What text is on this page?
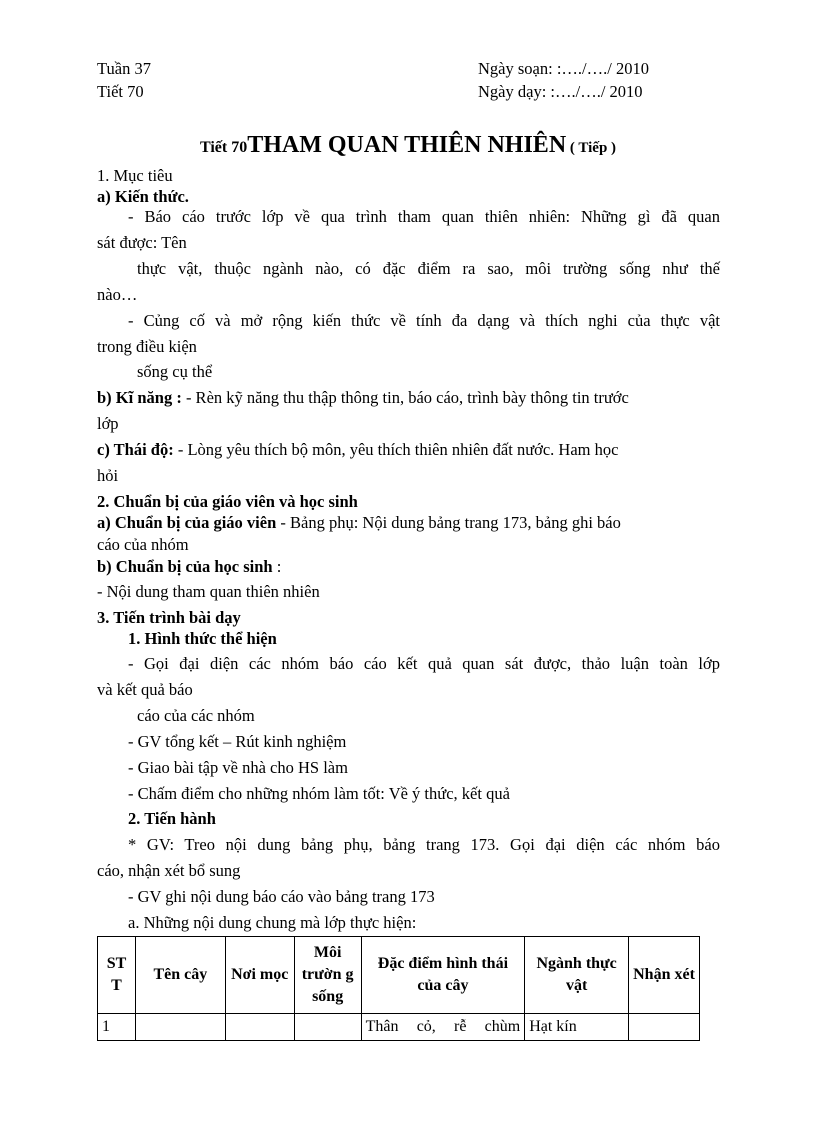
Tuần 37
Tiết 70
Ngày soạn: :…./…./ 2010
Ngày dạy: :…./…./ 2010
Tiết 70THAM QUAN THIÊN NHIÊN ( Tiếp )
1. Mục tiêu
a) Kiến thức.
- Báo cáo trước lớp về qua trình tham quan thiên nhiên: Những gì đã quan
sát được: Tên
thực vật, thuộc ngành nào, có đặc điểm ra sao, môi trường sống như thế
nào…
- Củng cố và mở rộng kiến thức về tính đa dạng và thích nghi của thực vật
trong điều kiện
sống cụ thể
b) Kĩ năng : - Rèn kỹ năng thu thập thông tin, báo cáo, trình bày thông tin trước
lớp
c) Thái độ: - Lòng yêu thích bộ môn, yêu thích thiên nhiên đất nước. Ham học
hỏi
2. Chuẩn bị của giáo viên và học sinh
a) Chuẩn bị của giáo viên - Bảng phụ: Nội dung bảng trang 173, bảng ghi báo
cáo của nhóm
b) Chuẩn bị của học sinh :
- Nội dung tham quan thiên nhiên
3. Tiến trình bài dạy
1. Hình thức thể hiện
- Gọi đại diện các nhóm báo cáo kết quả quan sát được, thảo luận toàn lớp
và kết quả báo
cáo của các nhóm
- GV tổng kết – Rút kinh nghiệm
- Giao bài tập về nhà cho HS làm
- Chấm điểm cho những nhóm làm tốt: Về ý thức, kết quả
2. Tiến hành
* GV: Treo nội dung bảng phụ, bảng trang 173. Gọi đại diện các nhóm báo
cáo, nhận xét bổ sung
- GV ghi nội dung báo cáo vào bảng trang 173
a. Những nội dung chung mà lớp thực hiện:
ST T	Tên cây	Nơi mọc	Môi trườn g sống	Đặc điểm hình thái của cây	Ngành thực vật	Nhận xét
1				Thân cỏ, rễ chùm	Hạt kín	
